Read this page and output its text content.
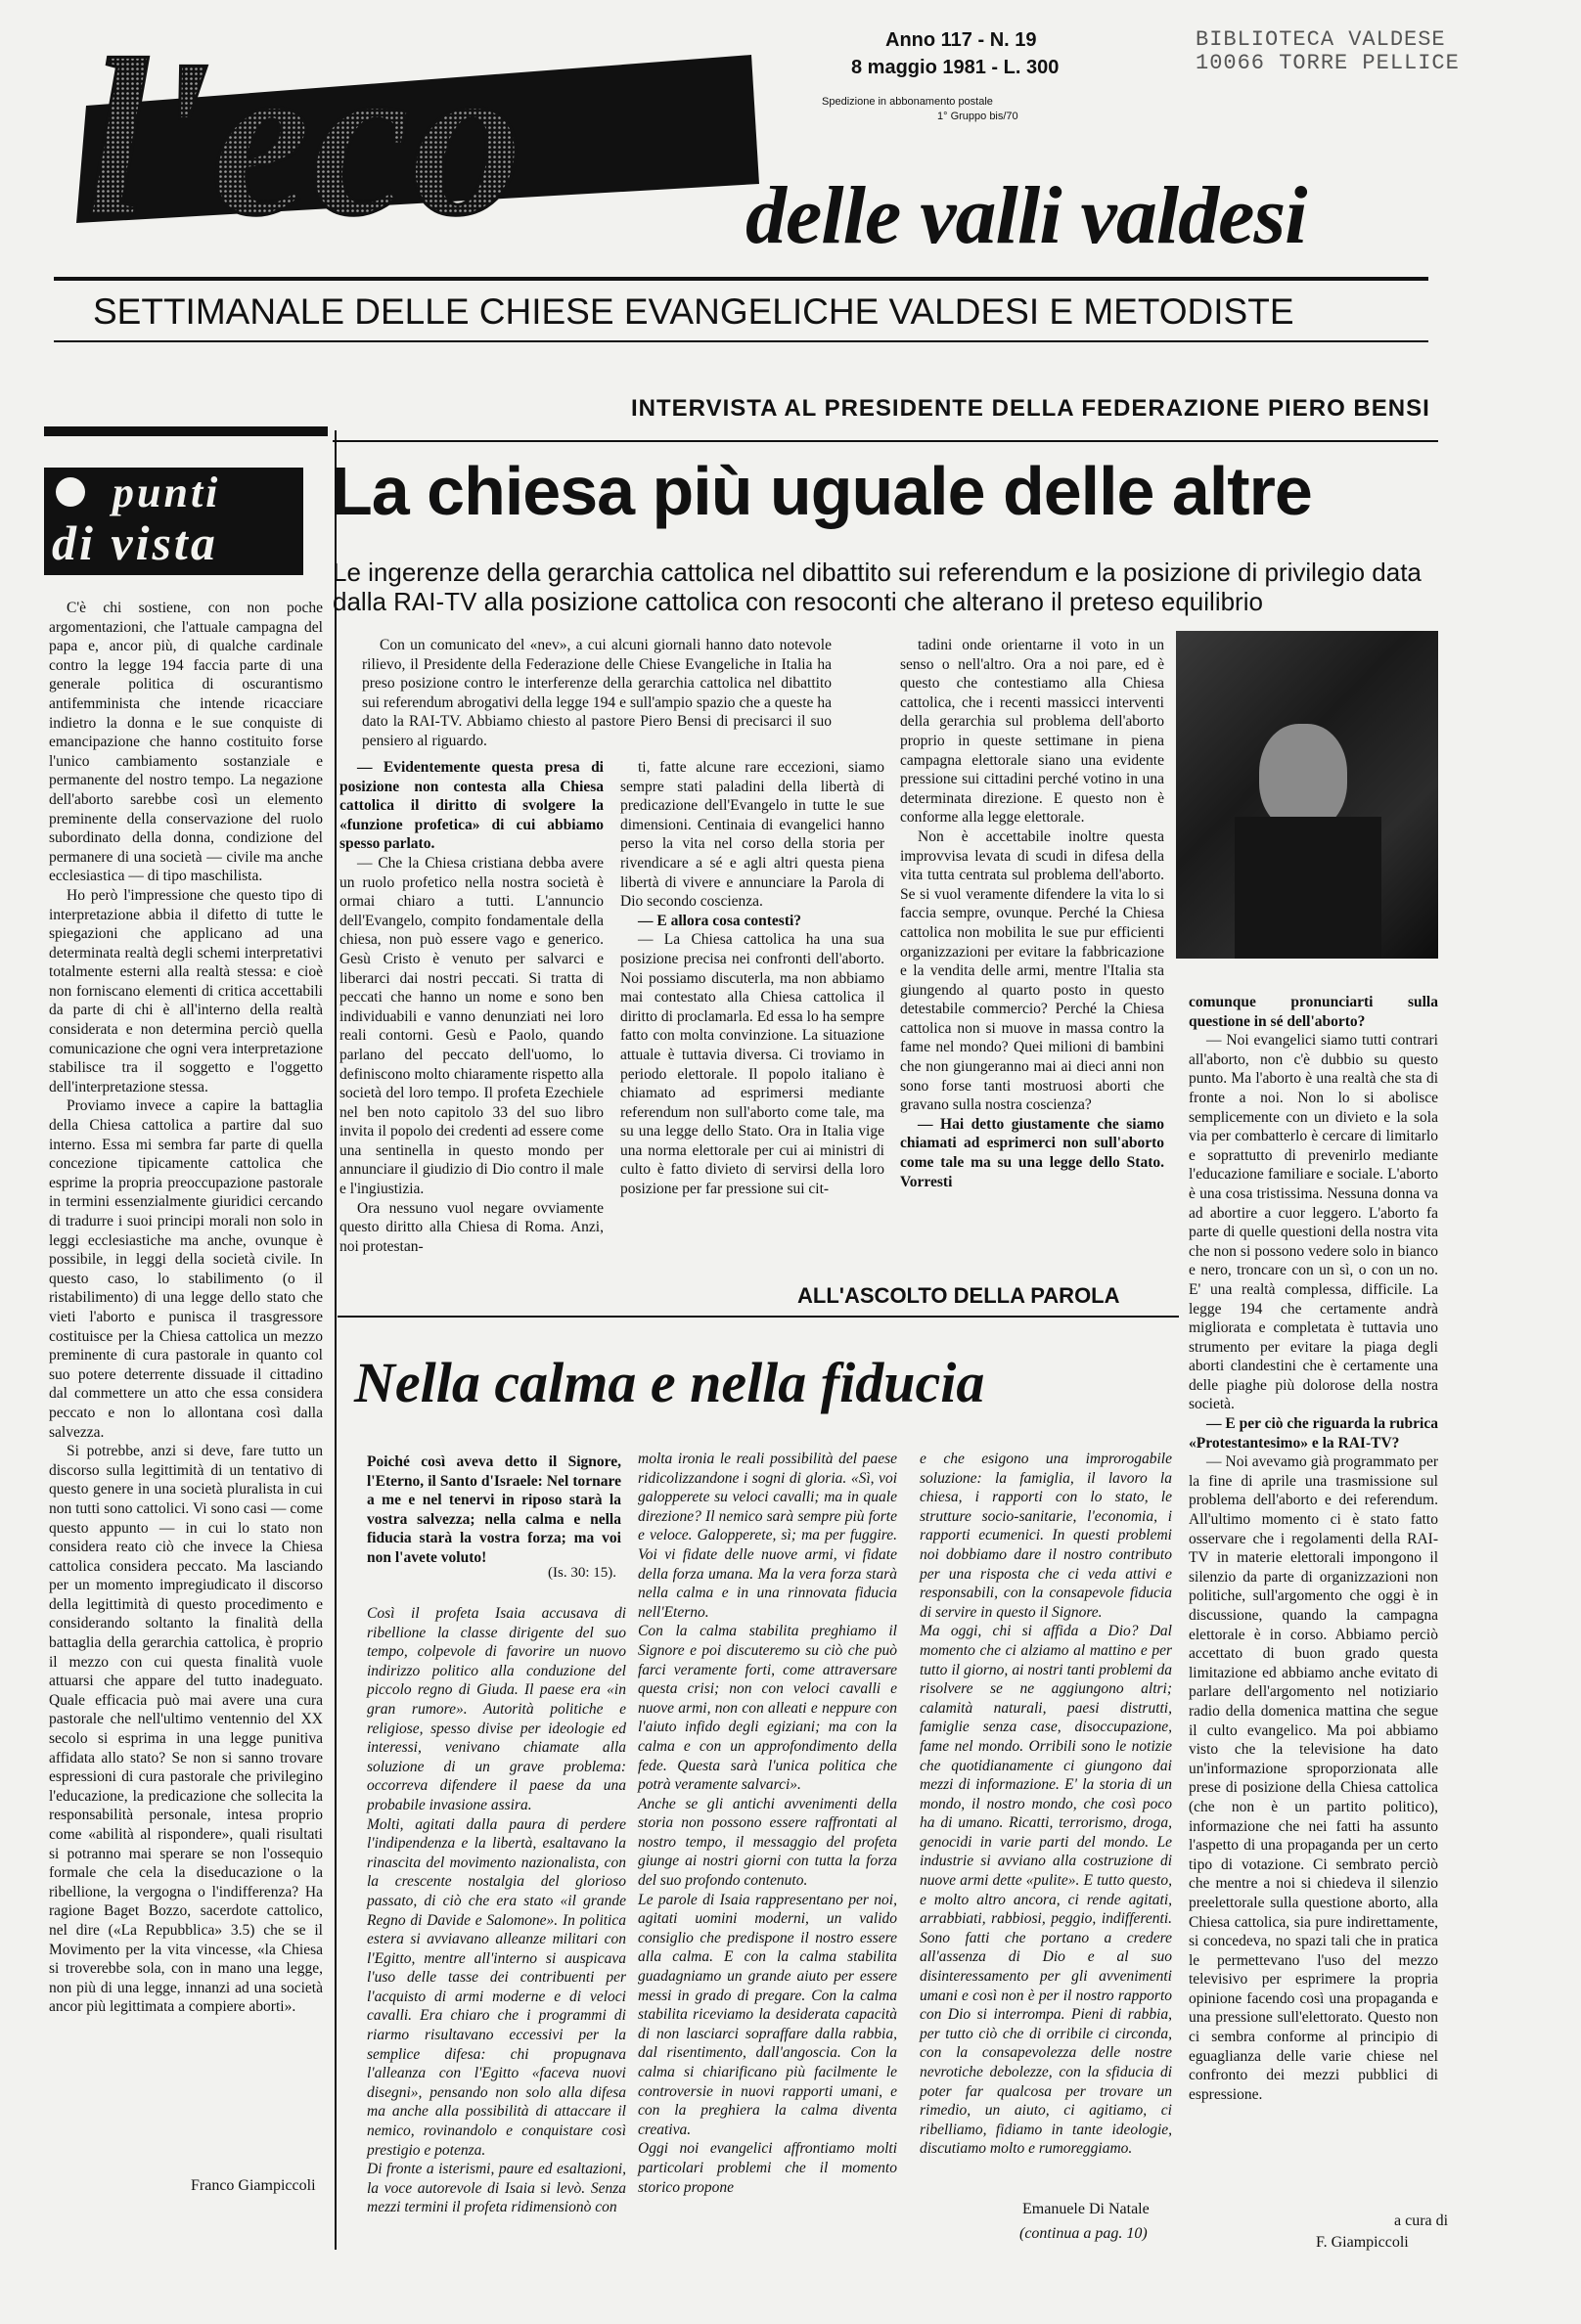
l'eco	Anno 117 - N. 19
8 maggio 1981 - L. 300
Spedizione in abbonamento postale
1° Gruppo bis/70
BIBLIOTECA VALDESE
10066 TORRE PELLICE
delle valli valdesi
SETTIMANALE DELLE CHIESE EVANGELICHE VALDESI E METODISTE
punti
di vista

C'è chi sostiene, con non poche argomentazioni, che l'attuale campagna del papa e, ancor più, di qualche cardinale contro la legge 194 faccia parte di una generale politica di oscurantismo antifemminista che intende ricacciare indietro la donna e le sue conquiste di emancipazione che hanno costituito forse l'unico cambiamento sostanziale e permanente del nostro tempo. La negazione dell'aborto sarebbe così un elemento preminente della conservazione del ruolo subordinato della donna, condizione del permanere di una società — civile ma anche ecclesiastica — di tipo maschilista.

Ho però l'impressione che questo tipo di interpretazione abbia il difetto di tutte le spiegazioni che applicano ad una determinata realtà degli schemi interpretativi totalmente esterni alla realtà stessa: e cioè non forniscano elementi di critica accettabili da parte di chi è all'interno della realtà considerata e non determina perciò quella comunicazione che ogni vera interpretazione stabilisce tra il soggetto e l'oggetto dell'interpretazione stessa.

Proviamo invece a capire la battaglia della Chiesa cattolica a partire dal suo interno. Essa mi sembra far parte di quella concezione tipicamente cattolica che esprime la propria preoccupazione pastorale in termini essenzialmente giuridici cercando di tradurre i suoi principi morali non solo in leggi ecclesiastiche ma anche, ovunque è possibile, in leggi della società civile. In questo caso, lo stabilimento (o il ristabilimento) di una legge dello stato che vieti l'aborto e punisca il trasgressore costituisce per la Chiesa cattolica un mezzo preminente di cura pastorale in quanto col suo potere deterrente dissuade il cittadino dal commettere un atto che essa considera peccato e non lo allontana così dalla salvezza.

Si potrebbe, anzi si deve, fare tutto un discorso sulla legittimità di un tentativo di questo genere in una società pluralista in cui non tutti sono cattolici. Vi sono casi — come questo appunto — in cui lo stato non considera reato ciò che invece la Chiesa cattolica considera peccato. Ma lasciando per un momento impregiudicato il discorso della legittimità di questo procedimento e considerando soltanto la finalità della battaglia della gerarchia cattolica, è proprio il mezzo con cui questa finalità vuole attuarsi che appare del tutto inadeguato. Quale efficacia può mai avere una cura pastorale che nell'ultimo ventennio del XX secolo si esprima in una legge punitiva affidata allo stato? Se non si sanno trovare espressioni di cura pastorale che privilegino l'educazione, la predicazione che sollecita la responsabilità personale, intesa proprio come «abilità al rispondere», quali risultati si potranno mai sperare se non l'ossequio formale che cela la diseducazione o la ribellione, la vergogna o l'indifferenza? Ha ragione Baget Bozzo, sacerdote cattolico, nel dire («La Repubblica» 3.5) che se il Movimento per la vita vincesse, «la Chiesa si troverebbe sola, con in mano una legge, non più di una legge, innanzi ad una società ancor più legittimata a compiere aborti».

Franco Giampiccoli
INTERVISTA AL PRESIDENTE DELLA FEDERAZIONE PIERO BENSI
La chiesa più uguale delle altre
Le ingerenze della gerarchia cattolica nel dibattito sui referendum e la posizione di privilegio data dalla RAI-TV alla posizione cattolica con resoconti che alterano il preteso equilibrio

Con un comunicato del «nev», a cui alcuni giornali hanno dato notevole rilievo, il Presidente della Federazione delle Chiese Evangeliche in Italia ha preso posizione contro le interferenze della gerarchia cattolica nel dibattito sui referendum abrogativi della legge 194 e sull'ampio spazio che a queste ha dato la RAI-TV. Abbiamo chiesto al pastore Piero Bensi di precisarci il suo pensiero al riguardo.

— Evidentemente questa presa di posizione non contesta alla Chiesa cattolica il diritto di svolgere la «funzione profetica» di cui abbiamo spesso parlato.

— Che la Chiesa cristiana debba avere un ruolo profetico nella nostra società è ormai chiaro a tutti. L'annuncio dell'Evangelo, compito fondamentale della chiesa, non può essere vago e generico. Gesù Cristo è venuto per salvarci e liberarci dai nostri peccati. Si tratta di peccati che hanno un nome e sono ben individuabili e vanno denunziati nei loro reali contorni. Gesù e Paolo, quando parlano del peccato dell'uomo, lo definiscono molto chiaramente rispetto alla società del loro tempo. Il profeta Ezechiele nel ben noto capitolo 33 del suo libro invita il popolo dei credenti ad essere come una sentinella in questo mondo per annunciare il giudizio di Dio contro il male e l'ingiustizia.

Ora nessuno vuol negare ovviamente questo diritto alla Chiesa di Roma. Anzi, noi protestan-

ti, fatte alcune rare eccezioni, siamo sempre stati paladini della libertà di predicazione dell'Evangelo in tutte le sue dimensioni. Centinaia di evangelici hanno perso la vita nel corso della storia per rivendicare a sé e agli altri questa piena libertà di vivere e annunciare la Parola di Dio secondo coscienza.

— E allora cosa contesti?

— La Chiesa cattolica ha una sua posizione precisa nei confronti dell'aborto. Noi possiamo discuterla, ma non abbiamo mai contestato alla Chiesa cattolica il diritto di proclamarla. Ed essa lo ha sempre fatto con molta convinzione. La situazione attuale è tuttavia diversa. Ci troviamo in periodo elettorale. Il popolo italiano è chiamato ad esprimersi mediante referendum non sull'aborto come tale, ma su una legge dello Stato. Ora in Italia vige una norma elettorale per cui ai ministri di culto è fatto divieto di servirsi della loro posizione per far pressione sui cit-

tadini onde orientarne il voto in un senso o nell'altro. Ora a noi pare, ed è questo che contestiamo alla Chiesa cattolica, che i recenti massicci interventi della gerarchia sul problema dell'aborto proprio in queste settimane in piena campagna elettorale siano una evidente pressione sui cittadini perché votino in una determinata direzione. E questo non è conforme alla legge elettorale.

Non è accettabile inoltre questa improvvisa levata di scudi in difesa della vita tutta centrata sul problema dell'aborto. Se si vuol veramente difendere la vita lo si faccia sempre, ovunque. Perché la Chiesa cattolica non mobilita le sue pur efficienti organizzazioni per evitare la fabbricazione e la vendita delle armi, mentre l'Italia sta giungendo al quarto posto in questo detestabile commercio? Perché la Chiesa cattolica non si muove in massa contro la fame nel mondo? Quei milioni di bambini che non giungeranno mai ai dieci anni non sono forse tanti mostruosi aborti che gravano sulla nostra coscienza?

— Hai detto giustamente che siamo chiamati ad esprimerci non sull'aborto come tale ma su una legge dello Stato. Vorresti

comunque pronunciarti sulla questione in sé dell'aborto?

— Noi evangelici siamo tutti contrari all'aborto, non c'è dubbio su questo punto. Ma l'aborto è una realtà che sta di fronte a noi. Non lo si abolisce semplicemente con un divieto e la sola via per combatterlo è cercare di limitarlo e soprattutto di prevenirlo mediante l'educazione familiare e sociale. L'aborto è una cosa tristissima. Nessuna donna va ad abortire a cuor leggero. L'aborto fa parte di quelle questioni della nostra vita che non si possono vedere solo in bianco e nero, troncare con un sì, o con un no. E' una realtà complessa, difficile. La legge 194 che certamente andrà migliorata e completata è tuttavia uno strumento per evitare la piaga degli aborti clandestini che è certamente una delle piaghe più dolorose della nostra società.

— E per ciò che riguarda la rubrica «Protestantesimo» e la RAI-TV?

— Noi avevamo già programmato per la fine di aprile una trasmissione sul problema dell'aborto e dei referendum. All'ultimo momento ci è stato fatto osservare che i regolamenti della RAI-TV in materie elettorali impongono il silenzio da parte di organizzazioni non politiche, sull'argomento che oggi è in discussione, quando la campagna elettorale è in corso. Abbiamo perciò accettato di buon grado questa limitazione ed abbiamo anche evitato di parlare dell'argomento nel notiziario radio della domenica mattina che segue il culto evangelico. Ma poi abbiamo visto che la televisione ha dato un'informazione sproporzionata alle prese di posizione della Chiesa cattolica (che non è un partito politico), informazione che nei fatti ha assunto l'aspetto di una propaganda per un certo tipo di votazione. Ci sembrato perciò che mentre a noi si chiedeva il silenzio preelettorale sulla questione aborto, alla Chiesa cattolica, sia pure indirettamente, si concedeva, no spazi tali che in pratica le permettevano l'uso del mezzo televisivo per esprimere la propria opinione facendo così una propaganda e una pressione sull'elettorato. Questo non ci sembra conforme al principio di eguaglianza delle varie chiese nel confronto dei mezzi pubblici di espressione.

a cura di
F. Giampiccoli
ALL'ASCOLTO DELLA PAROLA
Nella calma e nella fiducia
Poiché così aveva detto il Signore, l'Eterno, il Santo d'Israele: Nel tornare a me e nel tenervi in riposo starà la vostra salvezza; nella calma e nella fiducia starà la vostra forza; ma voi non l'avete voluto!
(Is. 30: 15).
Così il profeta Isaia accusava di ribellione la classe dirigente del suo tempo, colpevole di favorire un nuovo indirizzo politico alla conduzione del piccolo regno di Giuda. Il paese era «in gran rumore». Autorità politiche e religiose, spesso divise per ideologie ed interessi, venivano chiamate alla soluzione di un grave problema: occorreva difendere il paese da una probabile invasione assira.
Molti, agitati dalla paura di perdere l'indipendenza e la libertà, esaltavano la rinascita del movimento nazionalista, con la crescente nostalgia del glorioso passato, di ciò che era stato «il grande Regno di Davide e Salomone». In politica estera si avviavano alleanze militari con l'Egitto, mentre all'interno si auspicava l'uso delle tasse dei contribuenti per l'acquisto di armi moderne e di veloci cavalli. Era chiaro che i programmi di riarmo risultavano eccessivi per la semplice difesa: chi propugnava l'alleanza con l'Egitto «faceva nuovi disegni», pensando non solo alla difesa ma anche alla possibilità di attaccare il nemico, rovinandolo e conquistare così prestigio e potenza.
Di fronte a isterismi, paure ed esaltazioni, la voce autorevole di Isaia si levò. Senza mezzi termini il profeta ridimensionò con
molta ironia le reali possibilità del paese ridicolizzandone i sogni di gloria. «Sì, voi galopperete su veloci cavalli; ma in quale direzione? Il nemico sarà sempre più forte e veloce. Galopperete, sì; ma per fuggire. Voi vi fidate delle nuove armi, vi fidate della forza umana. Ma la vera forza starà nella calma e in una rinnovata fiducia nell'Eterno.
Con la calma stabilita preghiamo il Signore e poi discuteremo su ciò che può farci veramente forti, come attraversare questa crisi; non con veloci cavalli e nuove armi, non con alleati e neppure con l'aiuto infido degli egiziani; ma con la calma e con un approfondimento della fede. Questa sarà l'unica politica che potrà veramente salvarci».
Anche se gli antichi avvenimenti della storia non possono essere raffrontati al nostro tempo, il messaggio del profeta giunge ai nostri giorni con tutta la forza del suo profondo contenuto.
Le parole di Isaia rappresentano per noi, agitati uomini moderni, un valido consiglio che predispone il nostro essere alla calma. E con la calma stabilita guadagniamo un grande aiuto per essere messi in grado di pregare. Con la calma stabilita riceviamo la desiderata capacità di non lasciarci sopraffare dalla rabbia, dal risentimento, dall'angoscia. Con la calma si chiarificano più facilmente le controversie in nuovi rapporti umani, e con la preghiera la calma diventa creativa.
Oggi noi evangelici affrontiamo molti particolari problemi che il momento storico propone
e che esigono una improrogabile soluzione: la famiglia, il lavoro la chiesa, i rapporti con lo stato, le strutture socio-sanitarie, l'economia, i rapporti ecumenici. In questi problemi noi dobbiamo dare il nostro contributo per una risposta che ci veda attivi e responsabili, con la consapevole fiducia di servire in questo il Signore.
Ma oggi, chi si affida a Dio? Dal momento che ci alziamo al mattino e per tutto il giorno, ai nostri tanti problemi da risolvere se ne aggiungono altri; calamità naturali, paesi distrutti, famiglie senza case, disoccupazione, fame nel mondo. Orribili sono le notizie che quotidianamente ci giungono dai mezzi di informazione. E' la storia di un mondo, il nostro mondo, che così poco ha di umano. Ricatti, terrorismo, droga, genocidi in varie parti del mondo. Le industrie si avviano alla costruzione di nuove armi dette «pulite». E tutto questo, e molto altro ancora, ci rende agitati, arrabbiati, rabbiosi, peggio, indifferenti. Sono fatti che portano a credere all'assenza di Dio e al suo disinteressamento per gli avvenimenti umani e così non è per il nostro rapporto con Dio si interrompa. Pieni di rabbia, per tutto ciò che di orribile ci circonda, con la consapevolezza delle nostre nevrotiche debolezze, con la sfiducia di poter far qualcosa per trovare un rimedio, un aiuto, ci agitiamo, ci ribelliamo, fidiamo in tante ideologie, discutiamo molto e rumoreggiamo.
Emanuele Di Natale
(continua a pag. 10)
